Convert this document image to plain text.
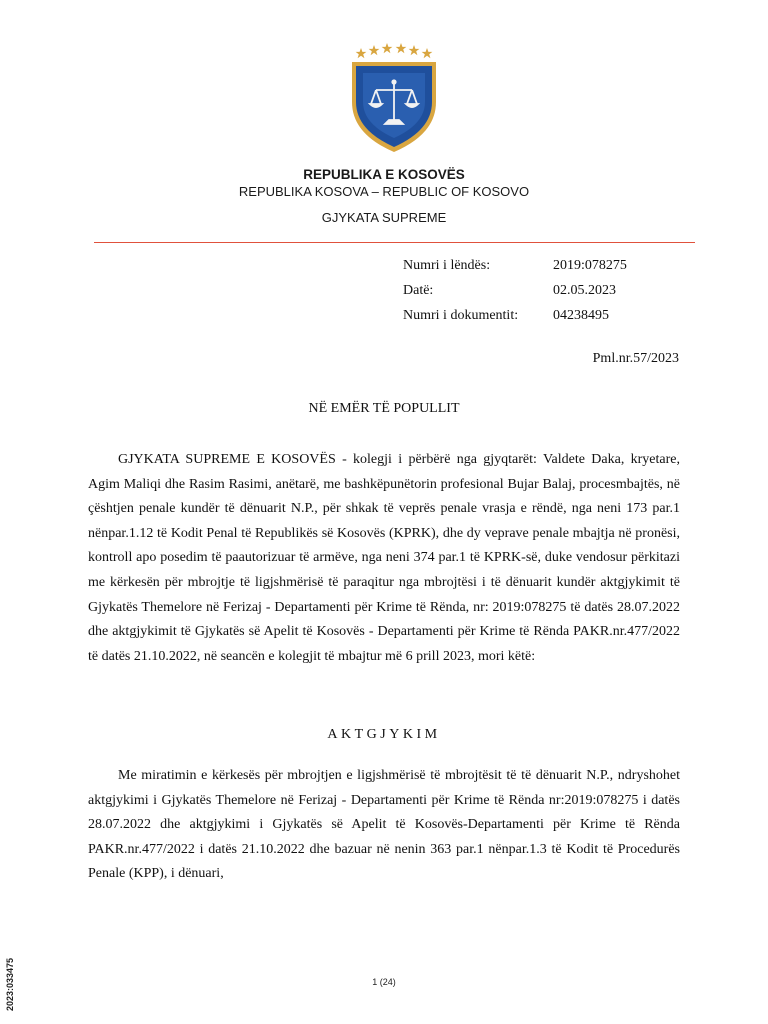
REPUBLIKA E KOSOVËS
REPUBLIKA KOSOVA – REPUBLIC OF KOSOVO
GJYKATA SUPREME
Numri i lëndës:	2019:078275
Datë:	02.05.2023
Numri i dokumentit: 04238495
Pml.nr.57/2023
NË EMËR TË POPULLIT

GJYKATA SUPREME E KOSOVËS - kolegji i përbërë nga gjyqtarët: Valdete Daka, kryetare, Agim Maliqi dhe Rasim Rasimi, anëtarë, me bashkëpunëtorin profesional Bujar Balaj, procesmbajtës, në çështjen penale kundër të dënuarit N.P., për shkak të veprës penale vrasja e rëndë, nga neni 173 par.1 nënpar.1.12 të Kodit Penal të Republikës së Kosovës (KPRK), dhe dy veprave penale mbajtja në pronësi, kontroll apo posedim të paautorizuar të armëve, nga neni 374 par.1 të KPRK-së, duke vendosur përkitazi me kërkesën për mbrojtje të ligjshmërisë të paraqitur nga mbrojtësi i të dënuarit kundër aktgjykimit të Gjykatës Themelore në Ferizaj - Departamenti për Krime të Rënda, nr: 2019:078275 të datës 28.07.2022 dhe aktgjykimit të Gjykatës së Apelit të Kosovës - Departamenti për Krime të Rënda PAKR.nr.477/2022 të datës 21.10.2022, në seancën e kolegjit të mbajtur më 6 prill 2023, mori këtë:

AKTGJYKIM

Me miratimin e kërkesës për mbrojtjen e ligjshmërisë të mbrojtësit të të dënuarit N.P., ndryshohet aktgjykimi i Gjykatës Themelore në Ferizaj - Departamenti për Krime të Rënda nr:2019:078275 i datës 28.07.2022 dhe aktgjykimi i Gjykatës së Apelit të Kosovës-Departamenti për Krime të Rënda PAKR.nr.477/2022 i datës 21.10.2022 dhe bazuar në nenin 363 par.1 nënpar.1.3 të Kodit të Procedurës Penale (KPP), i dënuari,

1 (24)
2023:033475
